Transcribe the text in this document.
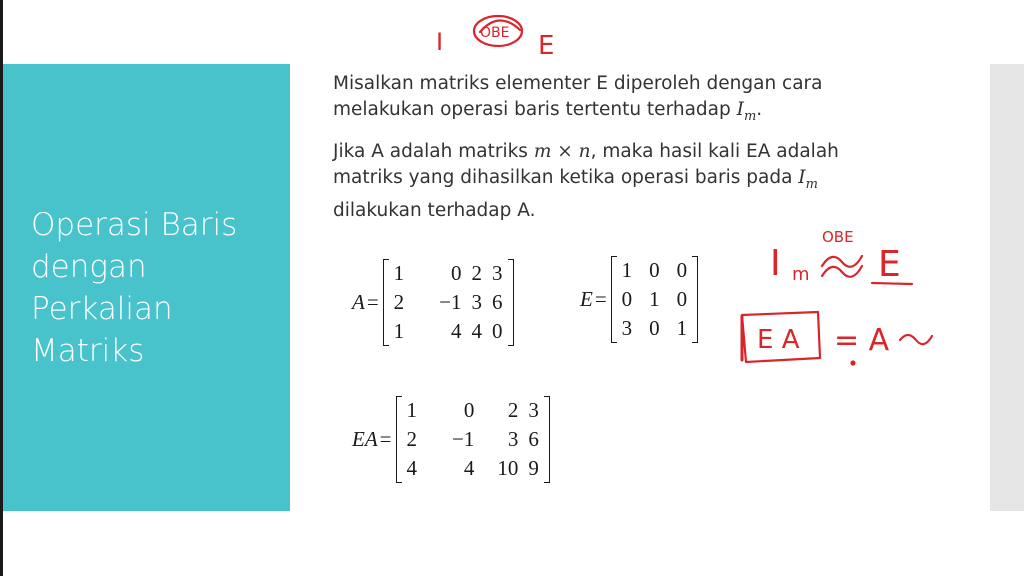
Operasi Baris
dengan
Perkalian
Matriks
Misalkan matriks elementer E diperoleh dengan cara
melakukan operasi baris tertentu terhadap $I_m$.
Jika A adalah matriks m × n, maka hasil kali EA adalah
matriks yang dihasilkan ketika operasi baris pada $I_m$
dilakukan terhadap A.
A =
1	0	2	3
2	−1	3	6
1	4	4	0
E =
1	0	0
0	1	0
3	0	1
EA =
1	0	2	3
2	−1	3	6
4	4	10	9
I	OBE E
I m
OBE
E
E A = A
